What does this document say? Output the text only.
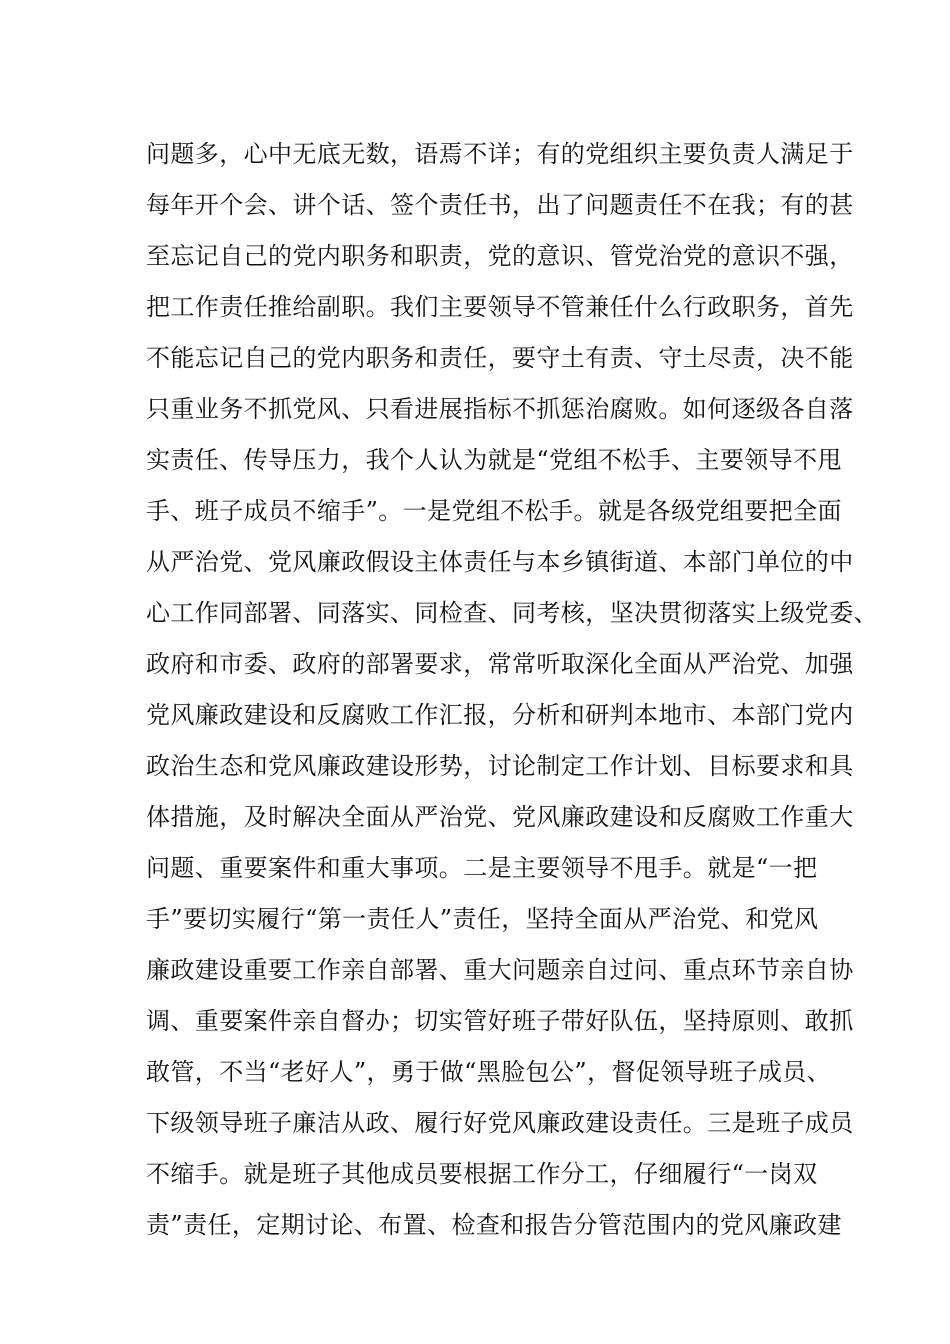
问题多，心中无底无数，语焉不详；有的党组织主要负责人满足于
每年开个会、讲个话、签个责任书，出了问题责任不在我；有的甚
至忘记自己的党内职务和职责，党的意识、管党治党的意识不强，
把工作责任推给副职。我们主要领导不管兼任什么行政职务，首先
不能忘记自己的党内职务和责任，要守土有责、守土尽责，决不能
只重业务不抓党风、只看进展指标不抓惩治腐败。如何逐级各自落
实责任、传导压力，我个人认为就是“党组不松手、主要领导不甩
手、班子成员不缩手”。一是党组不松手。就是各级党组要把全面
从严治党、党风廉政假设主体责任与本乡镇街道、本部门单位的中
心工作同部署、同落实、同检查、同考核，坚决贯彻落实上级党委、
政府和市委、政府的部署要求，常常听取深化全面从严治党、加强
党风廉政建设和反腐败工作汇报，分析和研判本地市、本部门党内
政治生态和党风廉政建设形势，讨论制定工作计划、目标要求和具
体措施，及时解决全面从严治党、党风廉政建设和反腐败工作重大
问题、重要案件和重大事项。二是主要领导不甩手。就是“一把
手”要切实履行“第一责任人”责任，坚持全面从严治党、和党风
廉政建设重要工作亲自部署、重大问题亲自过问、重点环节亲自协
调、重要案件亲自督办；切实管好班子带好队伍，坚持原则、敢抓
敢管，不当“老好人”，勇于做“黑脸包公”，督促领导班子成员、
下级领导班子廉洁从政、履行好党风廉政建设责任。三是班子成员
不缩手。就是班子其他成员要根据工作分工，仔细履行“一岗双
责”责任，定期讨论、布置、检查和报告分管范围内的党风廉政建
